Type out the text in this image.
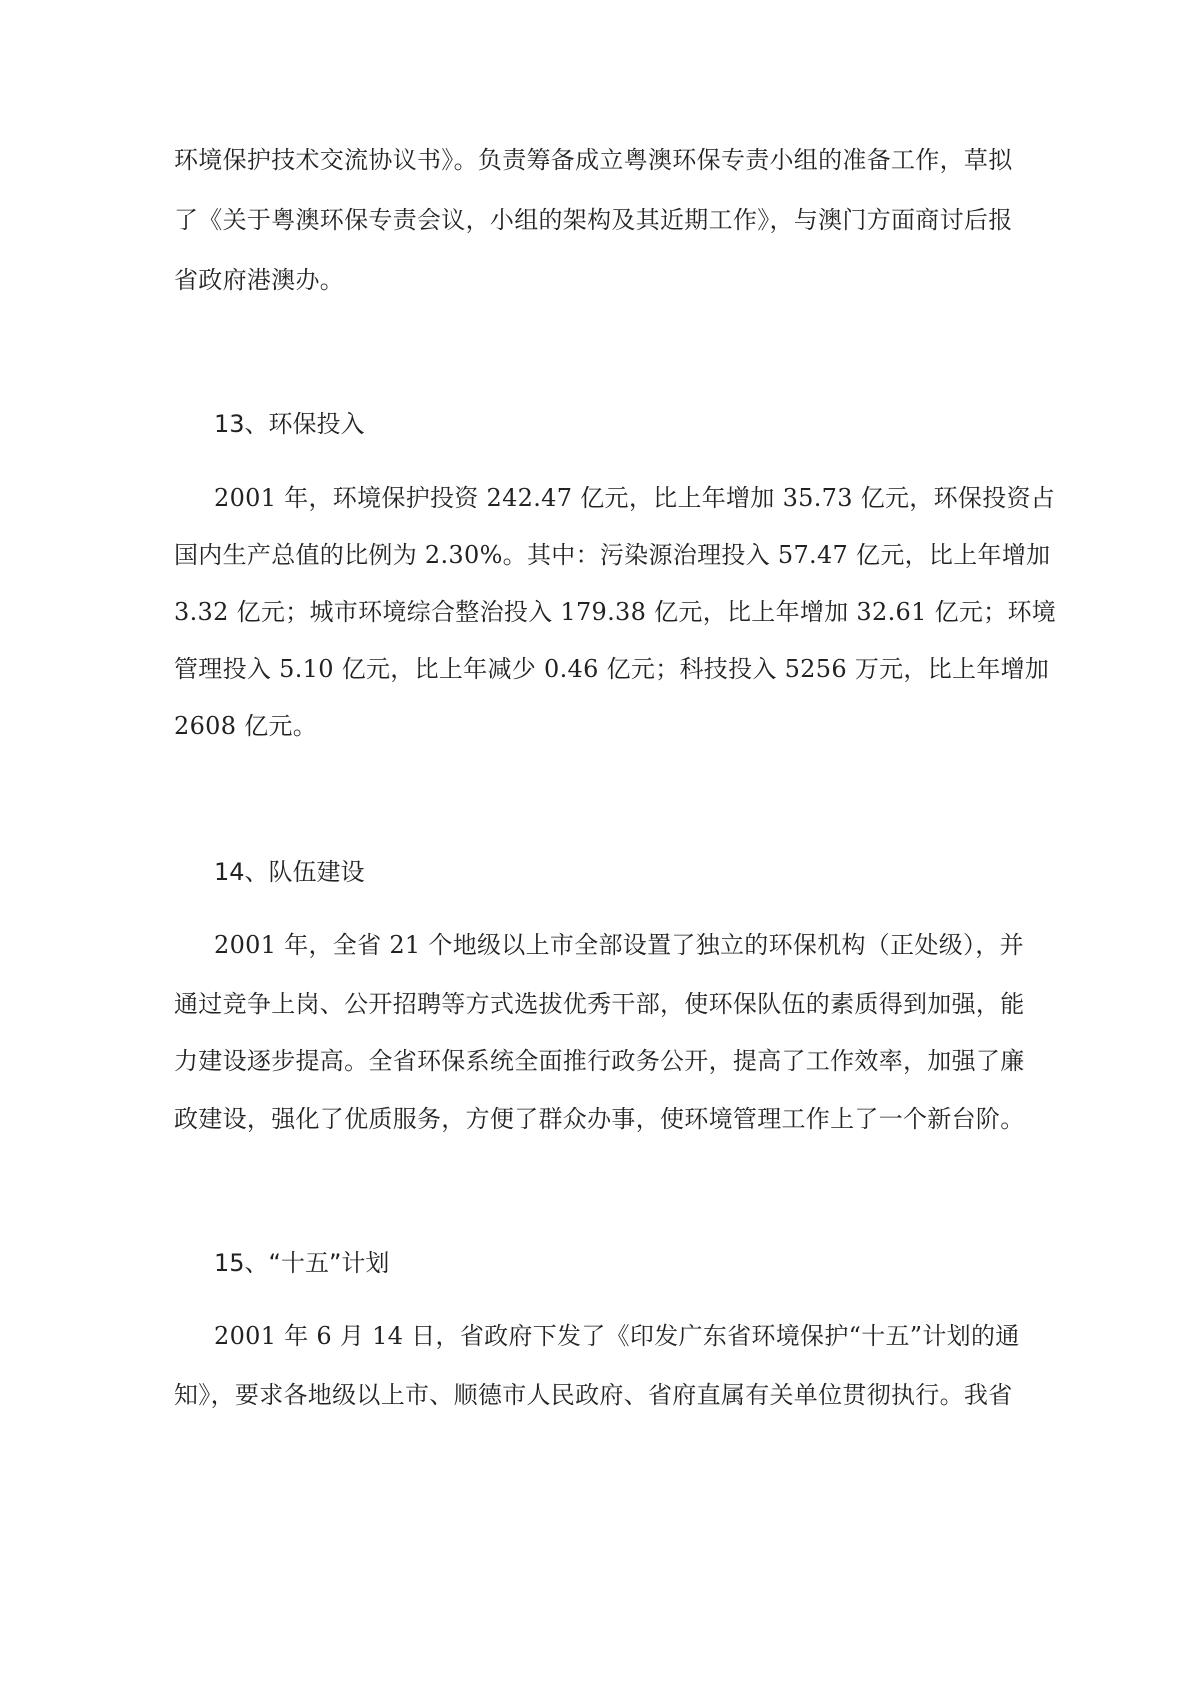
环境保护技术交流协议书》。负责筹备成立粤澳环保专责小组的准备工作，草拟
了《关于粤澳环保专责会议，小组的架构及其近期工作》，与澳门方面商讨后报
省政府港澳办。
13、环保投入
2001 年，环境保护投资 242.47 亿元，比上年增加 35.73 亿元，环保投资占
国内生产总值的比例为 2.30%。其中：污染源治理投入 57.47 亿元，比上年增加
3.32 亿元；城市环境综合整治投入 179.38 亿元，比上年增加 32.61 亿元；环境
管理投入 5.10 亿元，比上年减少 0.46 亿元；科技投入 5256 万元，比上年增加
2608 亿元。
14、队伍建设
2001 年，全省 21 个地级以上市全部设置了独立的环保机构（正处级），并
通过竞争上岗、公开招聘等方式选拔优秀干部，使环保队伍的素质得到加强，能
力建设逐步提高。全省环保系统全面推行政务公开，提高了工作效率，加强了廉
政建设，强化了优质服务，方便了群众办事，使环境管理工作上了一个新台阶。
15、“十五”计划
2001 年 6 月 14 日，省政府下发了《印发广东省环境保护“十五”计划的通
知》，要求各地级以上市、顺德市人民政府、省府直属有关单位贯彻执行。我省
